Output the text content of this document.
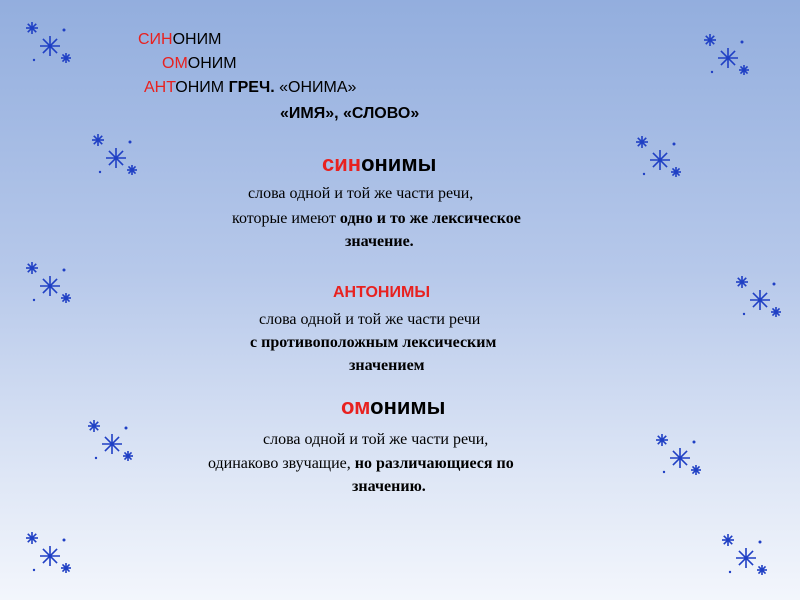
СИНОНИМ
ОМОНИМ
АНТОНИМ ГРЕЧ. «ОНИМА»
«ИМЯ», «СЛОВО»
синонимы
слова одной и той же части речи,
которые имеют одно и то же лексическое
значение.
АНТОНИМЫ
слова одной и той же части речи
с противоположным лексическим
значением
омонимы
слова одной и той же части речи,
одинаково звучащие, но различающиеся по
значению.
